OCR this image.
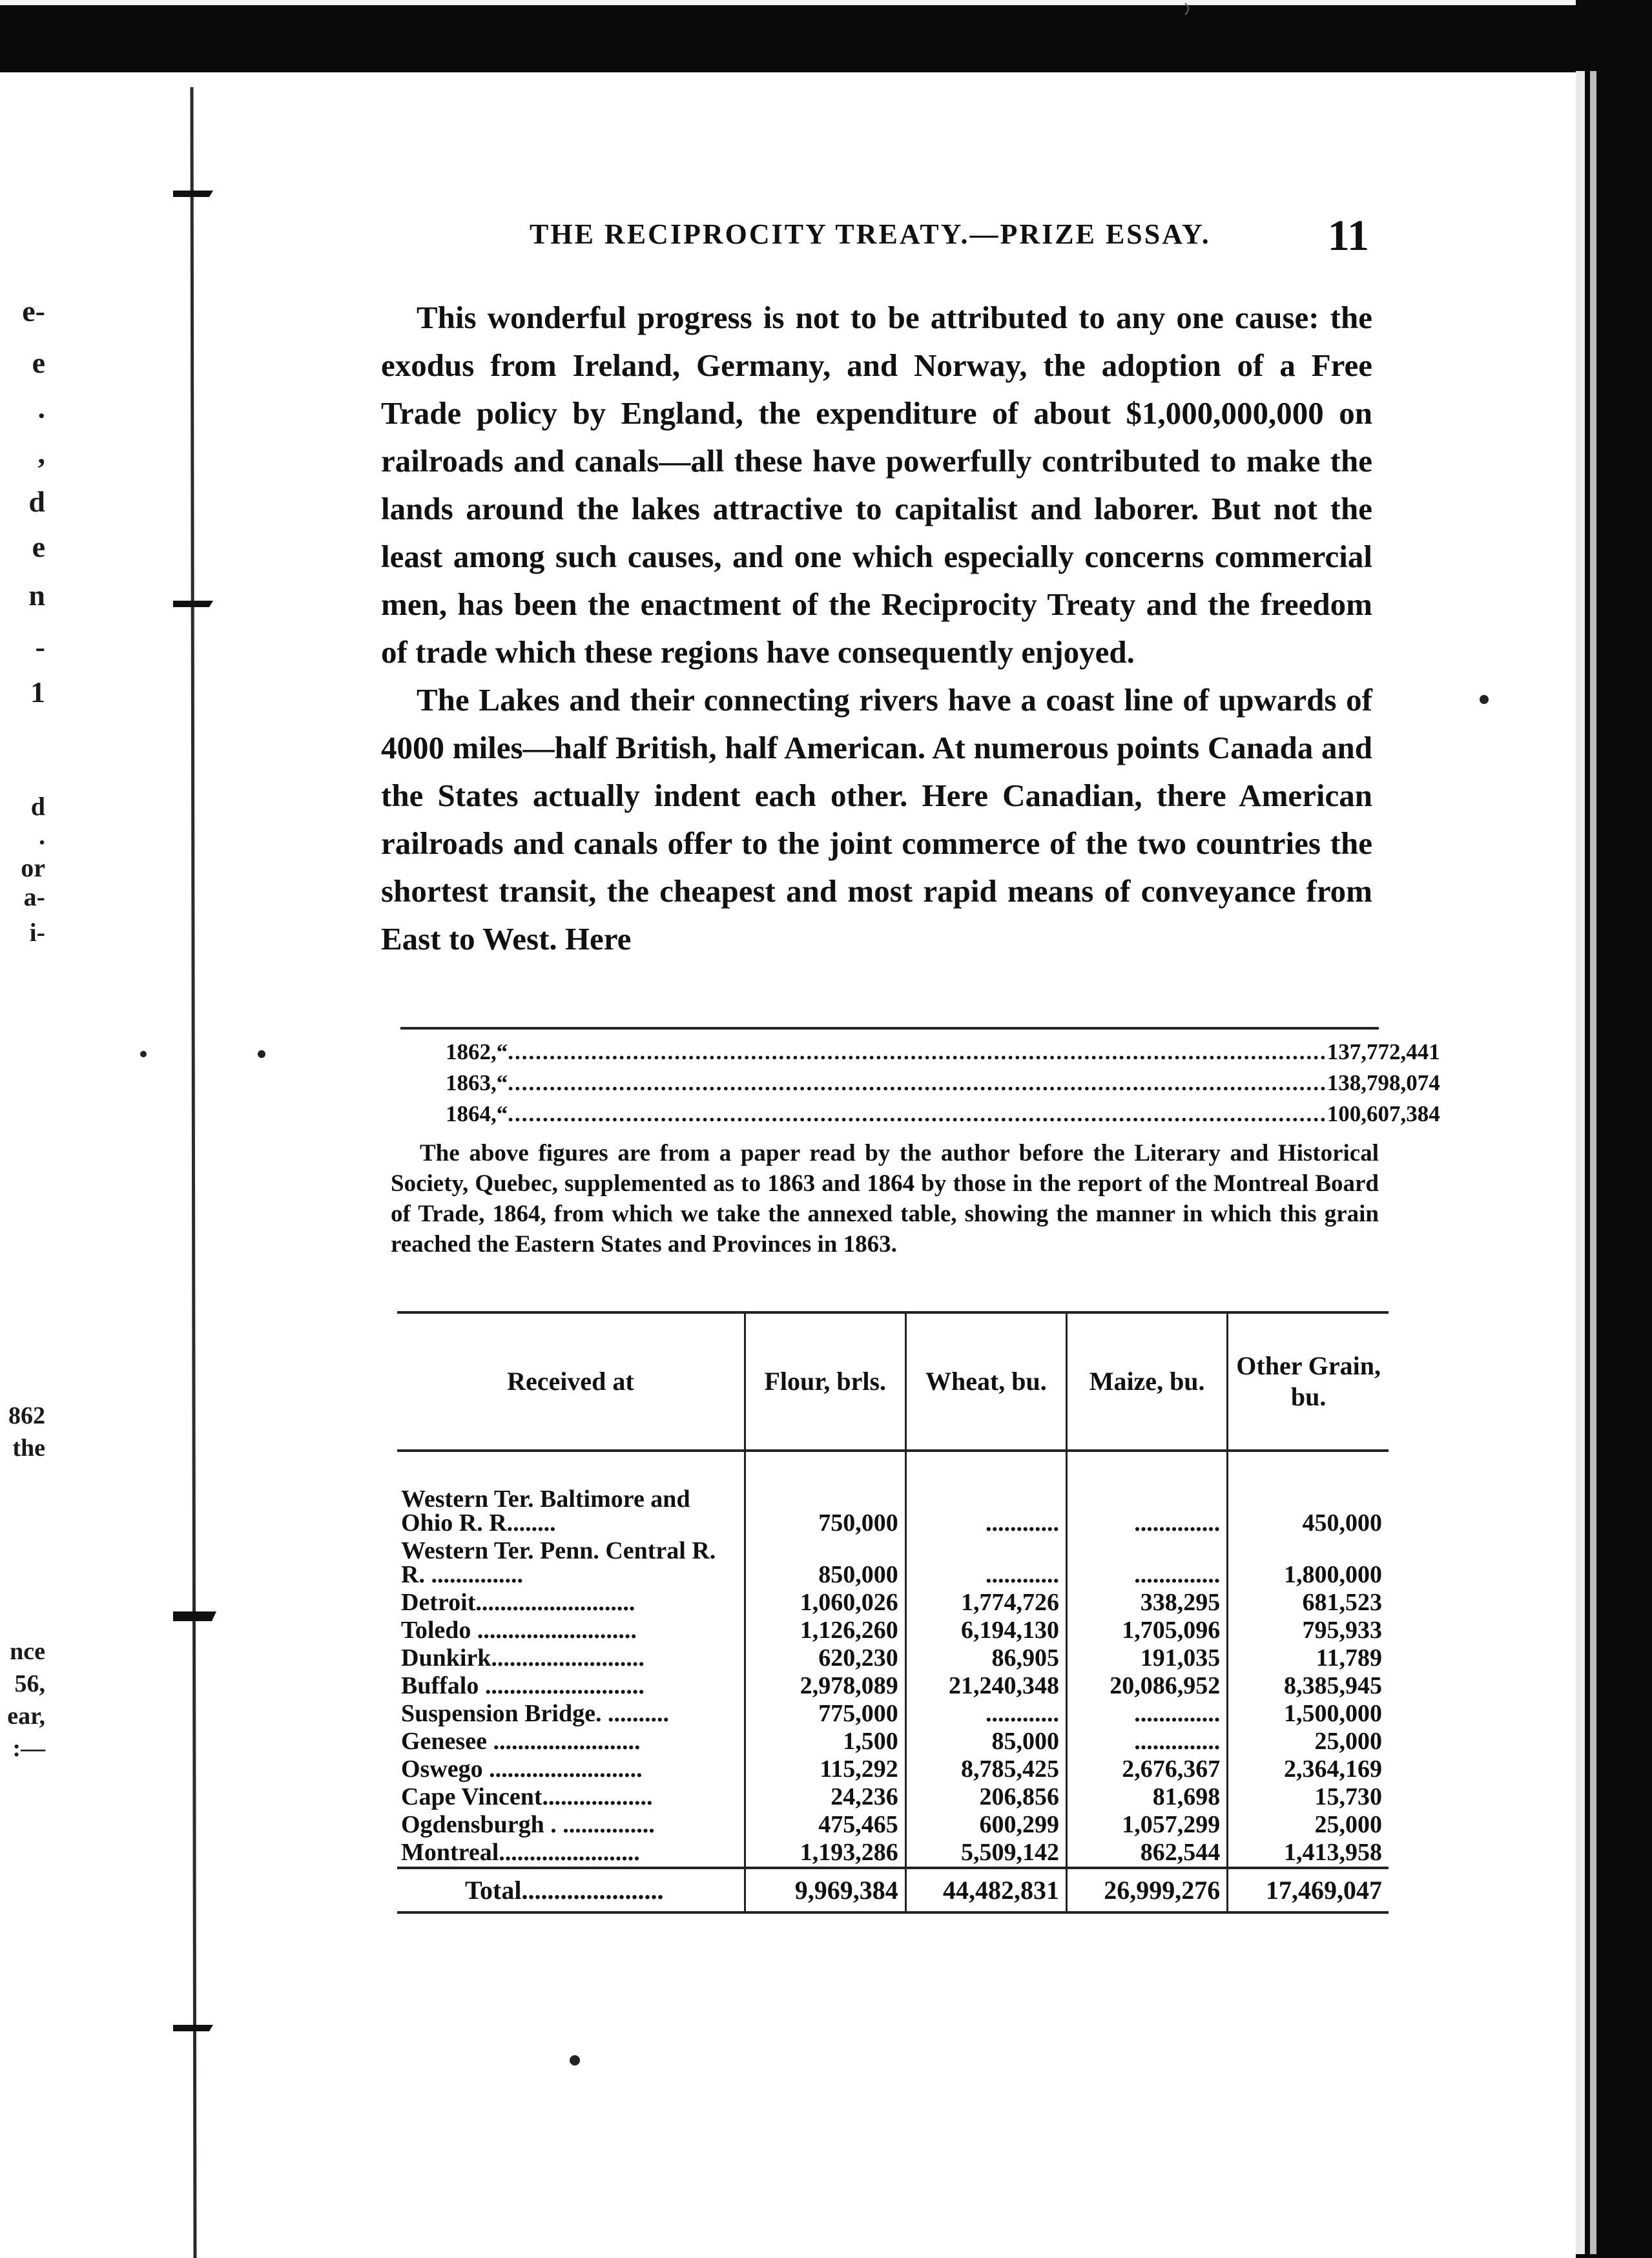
e-
e
.
,
d
e
n
-
1
d
.
or
a-
i-
862
the
nce
56,
ear,
:—
THE RECIPROCITY TREATY.—PRIZE ESSAY.	11

This wonderful progress is not to be attributed to any one cause: the exodus from Ireland, Germany, and Norway, the adoption of a Free Trade policy by England, the expenditure of about $1,000,000,000 on railroads and canals—all these have powerfully contributed to make the lands around the lakes attractive to capitalist and laborer. But not the least among such causes, and one which especially concerns commercial men, has been the enactment of the Reciprocity Treaty and the freedom of trade which these regions have consequently enjoyed.

The Lakes and their connecting rivers have a coast line of upwards of 4000 miles—half British, half American. At numerous points Canada and the States actually indent each other. Here Canadian, there American railroads and canals offer to the joint commerce of the two countries the shortest transit, the cheapest and most rapid means of conveyance from East to West. Here

1862, “ ...................................................................................................................... 137,772,441
1863, “ ...................................................................................................................... 138,798,074
1864, “ ...................................................................................................................... 100,607,384

The above figures are from a paper read by the author before the Literary and Historical Society, Quebec, supplemented as to 1863 and 1864 by those in the report of the Montreal Board of Trade, 1864, from which we take the annexed table, showing the manner in which this grain reached the Eastern States and Provinces in 1863.

Received at	Flour, brls.	Wheat, bu.	Maize, bu.	Other Grain, bu.

Western Ter. Baltimore and Ohio R. R........	750,000	............	..............	450,000
Western Ter. Penn. Central R. R. ...............	850,000	............	..............	1,800,000
Detroit..........................	1,060,026	1,774,726	338,295	681,523
Toledo ..........................	1,126,260	6,194,130	1,705,096	795,933
Dunkirk.........................	620,230	86,905	191,035	11,789
Buffalo ..........................	2,978,089	21,240,348	20,086,952	8,385,945
Suspension Bridge. ..........	775,000	............	..............	1,500,000
Genesee ........................	1,500	85,000	..............	25,000
Oswego .........................	115,292	8,785,425	2,676,367	2,364,169
Cape Vincent..................	24,236	206,856	81,698	15,730
Ogdensburgh . ...............	475,465	600,299	1,057,299	25,000
Montreal.......................	1,193,286	5,509,142	862,544	1,413,958
Total......................	9,969,384	44,482,831	26,999,276	17,469,047
